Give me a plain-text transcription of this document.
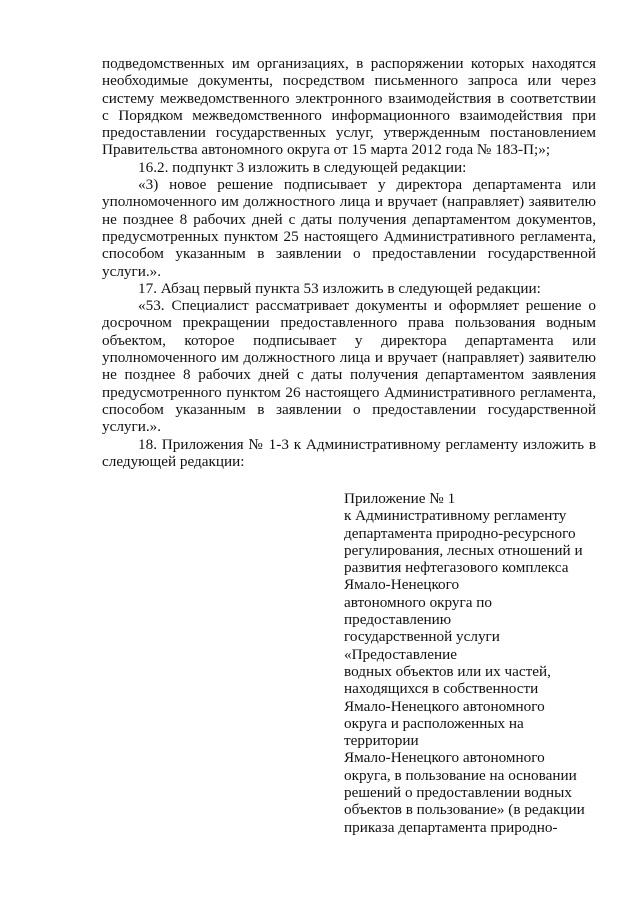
подведомственных им организациях, в распоряжении которых находятся необходимые документы, посредством письменного запроса или через систему межведомственного электронного взаимодействия в соответствии с Порядком межведомственного информационного взаимодействия при предоставлении государственных услуг, утвержденным постановлением Правительства автономного округа от 15 марта 2012 года № 183-П;»;

16.2. подпункт 3 изложить в следующей редакции:

«3) новое решение подписывает у директора департамента или уполномоченного им должностного лица и вручает (направляет) заявителю не позднее 8 рабочих дней с даты получения департаментом документов, предусмотренных пунктом 25 настоящего Административного регламента, способом указанным в заявлении о предоставлении государственной услуги.».

17. Абзац первый пункта 53 изложить в следующей редакции:

«53. Специалист рассматривает документы и оформляет решение о досрочном прекращении предоставленного права пользования водным объектом, которое подписывает у директора департамента или уполномоченного им должностного лица и вручает (направляет) заявителю не позднее 8 рабочих дней с даты получения департаментом заявления предусмотренного пунктом 26 настоящего Административного регламента, способом указанным в заявлении о предоставлении государственной услуги.».

18. Приложения № 1-3 к Административному регламенту изложить в следующей редакции:

Приложение № 1
к Административному регламенту
департамента природно-ресурсного
регулирования, лесных отношений и
развития нефтегазового комплекса
Ямало-Ненецкого
автономного округа по
предоставлению
государственной услуги
«Предоставление
водных объектов или их частей,
находящихся в собственности
Ямало-Ненецкого автономного
округа и расположенных на
территории
Ямало-Ненецкого автономного
округа, в пользование на основании
решений о предоставлении водных
объектов в пользование» (в редакции
приказа департамента природно-
